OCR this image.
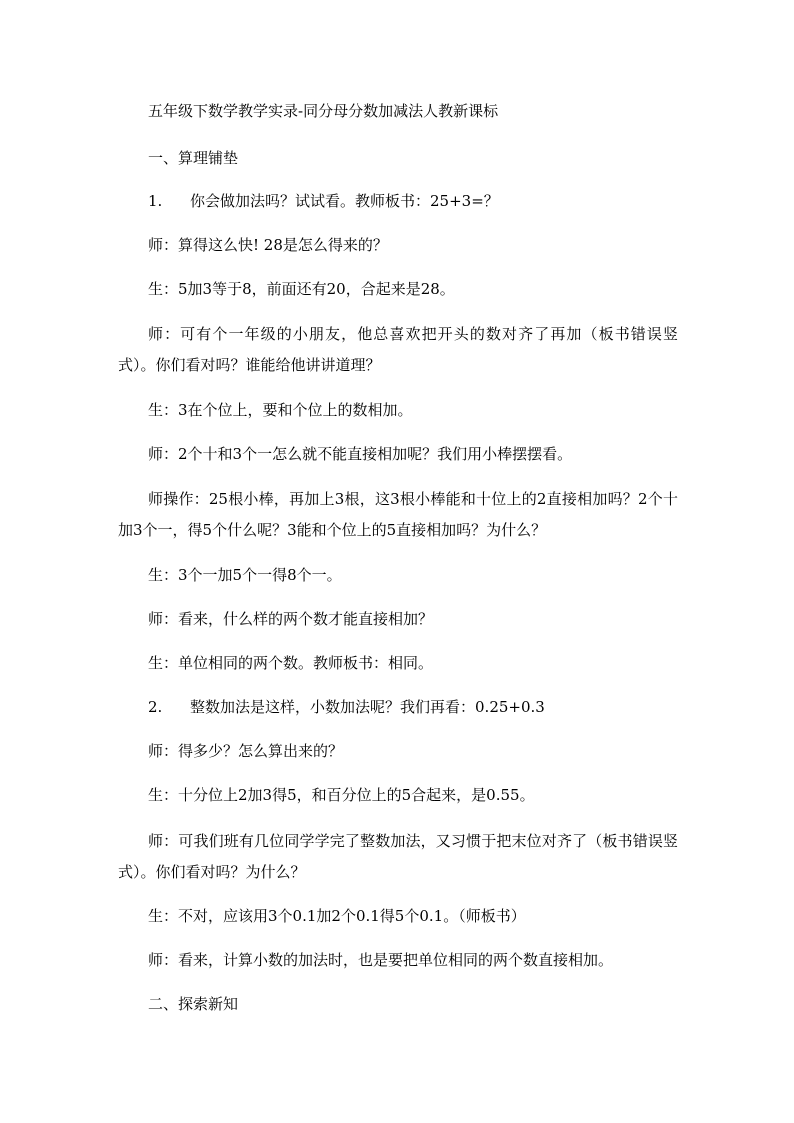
五年级下数学教学实录-同分母分数加减法人教新课标
一、算理铺垫
1. 你会做加法吗？试试看。教师板书：25+3=？
师：算得这么快! 28是怎么得来的？
生：5加3等于8，前面还有20，合起来是28。
师：可有个一年级的小朋友，他总喜欢把开头的数对齐了再加（板书错误竖式）。你们看对吗？谁能给他讲讲道理？
生：3在个位上，要和个位上的数相加。
师：2个十和3个一怎么就不能直接相加呢？我们用小棒摆摆看。
师操作：25根小棒，再加上3根，这3根小棒能和十位上的2直接相加吗？2个十加3个一，得5个什么呢？3能和个位上的5直接相加吗？为什么？
生：3个一加5个一得8个一。
师：看来，什么样的两个数才能直接相加？
生：单位相同的两个数。教师板书：相同。
2. 整数加法是这样，小数加法呢？我们再看：0.25+0.3
师：得多少？怎么算出来的？
生：十分位上2加3得5，和百分位上的5合起来，是0.55。
师：可我们班有几位同学学完了整数加法，又习惯于把末位对齐了（板书错误竖式）。你们看对吗？为什么？
生：不对，应该用3个0.1加2个0.1得5个0.1。（师板书）
师：看来，计算小数的加法时，也是要把单位相同的两个数直接相加。
二、探索新知
